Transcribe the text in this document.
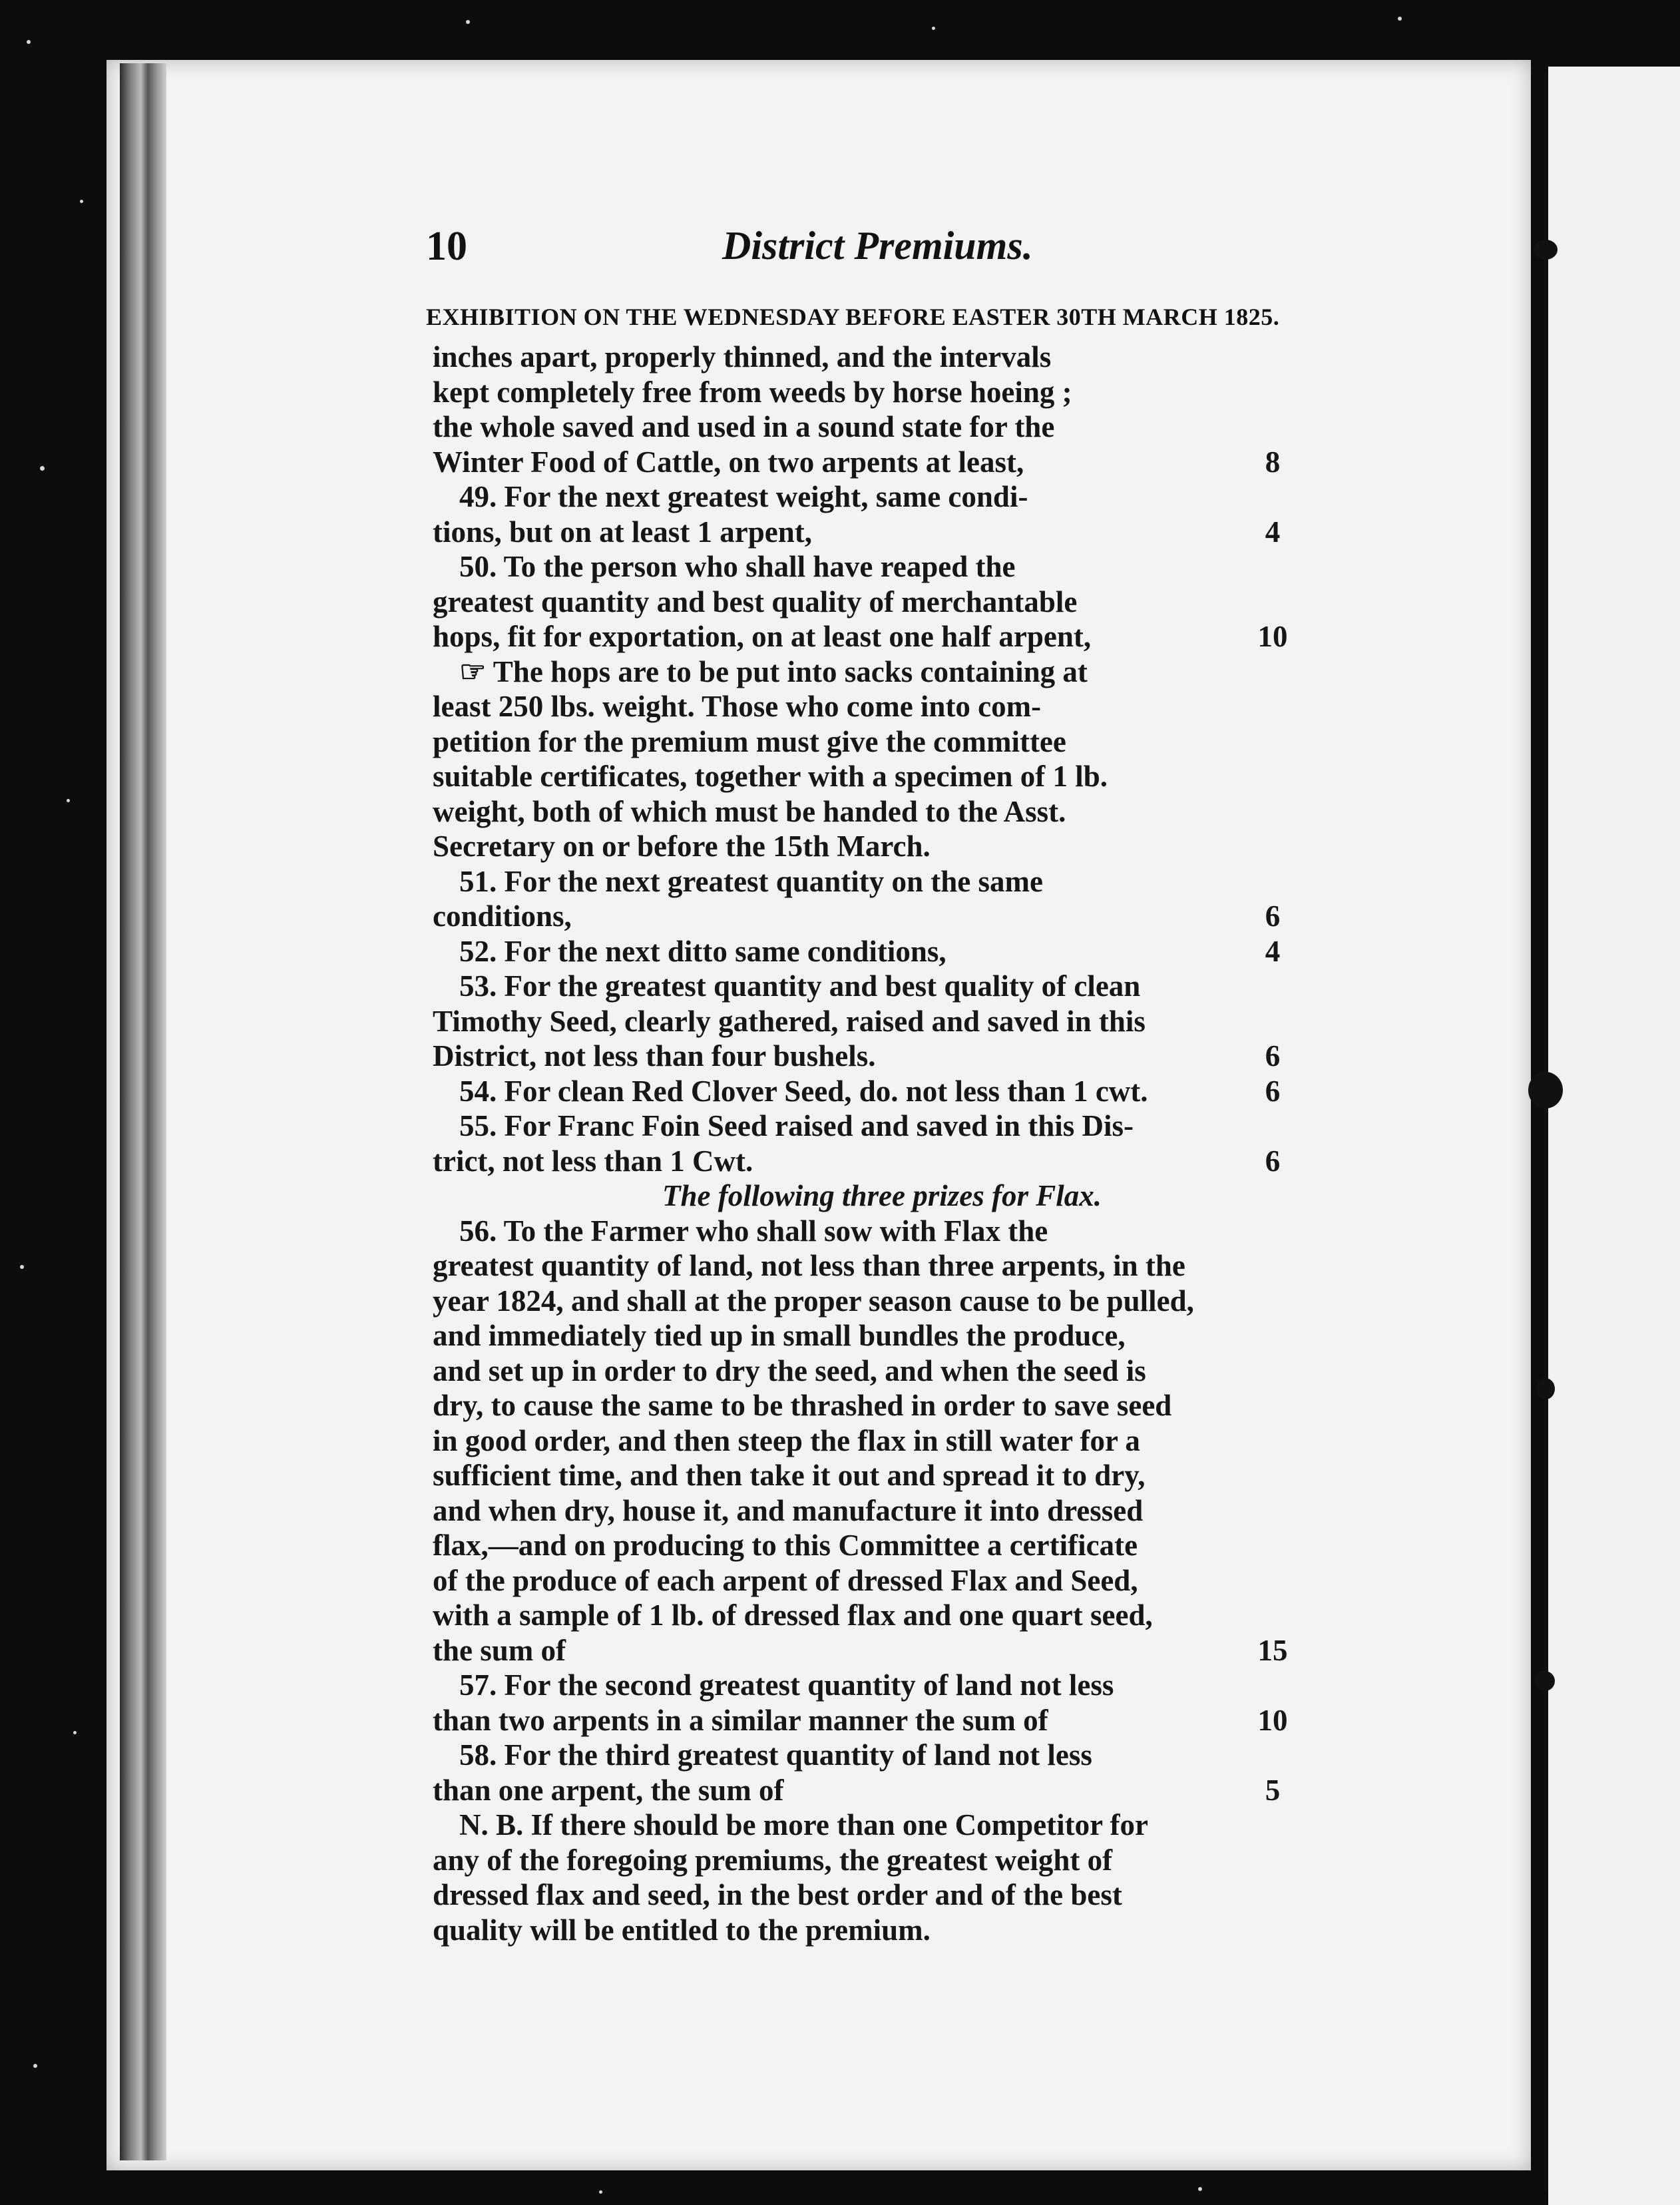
10	District Premiums.
EXHIBITION ON THE WEDNESDAY BEFORE EASTER 30TH MARCH 1825.
inches apart, properly thinned, and the intervals
kept completely free from weeds by horse hoeing ;
the whole saved and used in a sound state for the
Winter Food of Cattle, on two arpents at least,	8
49. For the next greatest weight, same condi-
tions, but on at least 1 arpent,	4
50. To the person who shall have reaped the
greatest quantity and best quality of merchantable
hops, fit for exportation, on at least one half arpent,	10
☞ The hops are to be put into sacks containing at
least 250 lbs. weight. Those who come into com-
petition for the premium must give the committee
suitable certificates, together with a specimen of 1 lb.
weight, both of which must be handed to the Asst.
Secretary on or before the 15th March.
51. For the next greatest quantity on the same
conditions,	6
52. For the next ditto same conditions,	4
53. For the greatest quantity and best quality of clean
Timothy Seed, clearly gathered, raised and saved in this
District, not less than four bushels.	6
54. For clean Red Clover Seed, do. not less than 1 cwt.	6
55. For Franc Foin Seed raised and saved in this Dis-
trict, not less than 1 Cwt.	6
The following three prizes for Flax.
56. To the Farmer who shall sow with Flax the
greatest quantity of land, not less than three arpents, in the
year 1824, and shall at the proper season cause to be pulled,
and immediately tied up in small bundles the produce,
and set up in order to dry the seed, and when the seed is
dry, to cause the same to be thrashed in order to save seed
in good order, and then steep the flax in still water for a
sufficient time, and then take it out and spread it to dry,
and when dry, house it, and manufacture it into dressed
flax,—and on producing to this Committee a certificate
of the produce of each arpent of dressed Flax and Seed,
with a sample of 1 lb. of dressed flax and one quart seed,
the sum of	15
57. For the second greatest quantity of land not less
than two arpents in a similar manner the sum of	10
58. For the third greatest quantity of land not less
than one arpent, the sum of	5
N. B. If there should be more than one Competitor for
any of the foregoing premiums, the greatest weight of
dressed flax and seed, in the best order and of the best
quality will be entitled to the premium.
